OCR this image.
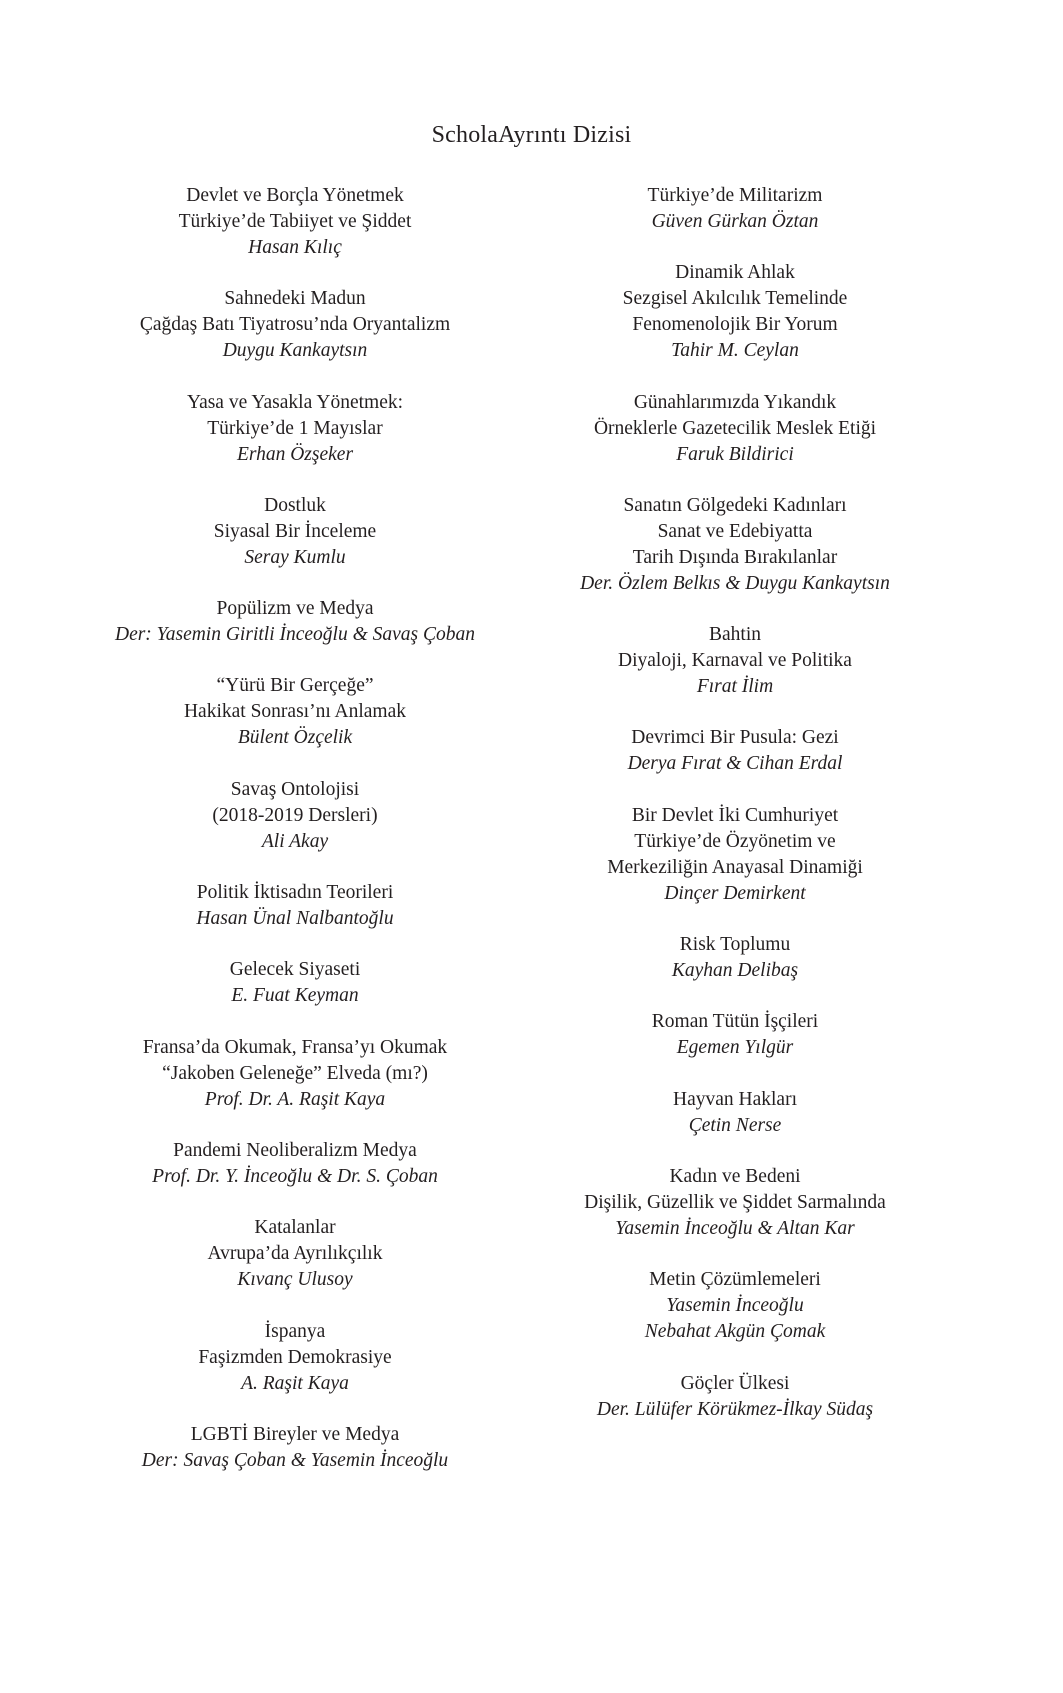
ScholaAyrıntı Dizisi
Devlet ve Borçla Yönetmek
Türkiye’de Tabiiyet ve Şiddet
Hasan Kılıç
Sahnedeki Madun
Çağdaş Batı Tiyatrosu’nda Oryantalizm
Duygu Kankaytsın
Yasa ve Yasakla Yönetmek:
Türkiye’de 1 Mayıslar
Erhan Özşeker
Dostluk
Siyasal Bir İnceleme
Seray Kumlu
Popülizm ve Medya
Der: Yasemin Giritli İnceoğlu & Savaş Çoban
“Yürü Bir Gerçeğe”
Hakikat Sonrası’nı Anlamak
Bülent Özçelik
Savaş Ontolojisi
(2018-2019 Dersleri)
Ali Akay
Politik İktisadın Teorileri
Hasan Ünal Nalbantoğlu
Gelecek Siyaseti
E. Fuat Keyman
Fransa’da Okumak, Fransa’yı Okumak
“Jakoben Geleneğe” Elveda (mı?)
Prof. Dr. A. Raşit Kaya
Pandemi Neoliberalizm Medya
Prof. Dr. Y. İnceoğlu & Dr. S. Çoban
Katalanlar
Avrupa’da Ayrılıkçılık
Kıvanç Ulusoy
İspanya
Faşizmden Demokrasiye
A. Raşit Kaya
LGBTİ Bireyler ve Medya
Der: Savaş Çoban & Yasemin İnceoğlu
Türkiye’de Militarizm
Güven Gürkan Öztan
Dinamik Ahlak
Sezgisel Akılcılık Temelinde
Fenomenolojik Bir Yorum
Tahir M. Ceylan
Günahlarımızda Yıkandık
Örneklerle Gazetecilik Meslek Etiği
Faruk Bildirici
Sanatın Gölgedeki Kadınları
Sanat ve Edebiyatta
Tarih Dışında Bırakılanlar
Der. Özlem Belkıs & Duygu Kankaytsın
Bahtin
Diyaloji, Karnaval ve Politika
Fırat İlim
Devrimci Bir Pusula: Gezi
Derya Fırat & Cihan Erdal
Bir Devlet İki Cumhuriyet
Türkiye’de Özyönetim ve
Merkeziliğin Anayasal Dinamiği
Dinçer Demirkent
Risk Toplumu
Kayhan Delibaş
Roman Tütün İşçileri
Egemen Yılgür
Hayvan Hakları
Çetin Nerse
Kadın ve Bedeni
Dişilik, Güzellik ve Şiddet Sarmalında
Yasemin İnceoğlu & Altan Kar
Metin Çözümlemeleri
Yasemin İnceoğlu
Nebahat Akgün Çomak
Göçler Ülkesi
Der. Lülüfer Körükmez-İlkay Südaş
